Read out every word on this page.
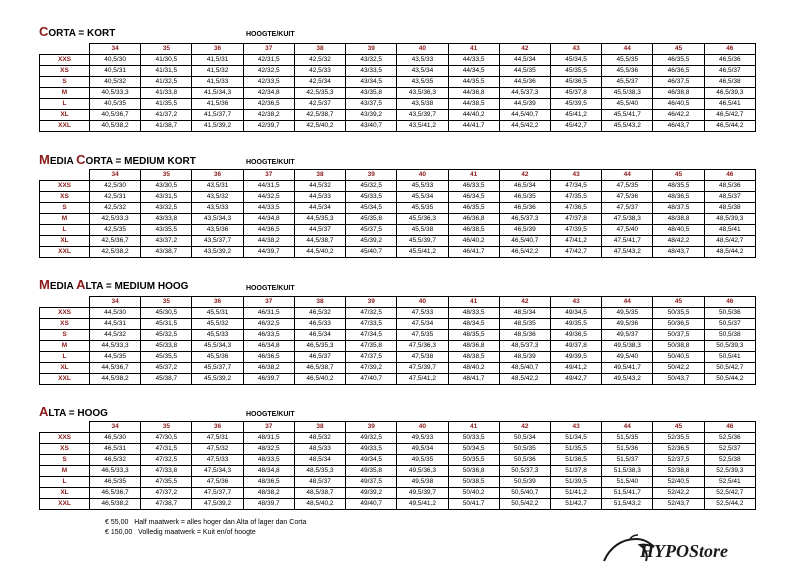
CORTA = KORT	HOOGTE/KUIT
	34	35	36	37	38	39	40	41	42	43	44	45	46
XXS	40,5/30	41/30,5	41,5/31	42/31,5	42,5/32	43/32,5	43,5/33	44/33,5	44,5/34	45/34,5	45,5/35	46/35,5	46,5/36
XS	40,5/31	41/31,5	41,5/32	42/32,5	42,5/33	43/33,5	43,5/34	44/34,5	44,5/35	45/35,5	45,5/36	46/36,5	46,5/37
S	40,5/32	41/32,5	41,5/33	42/33,5	42,5/34	43/34,5	43,5/35	44/35,5	44,5/36	45/36,5	45,5/37	46/37,5	46,5/38
M	40,5/33,3	41/33,8	41,5/34,3	42/34,8	42,5/35,3	43/35,8	43,5/36,3	44/36,8	44,5/37,3	45/37,8	45,5/38,3	46/38,8	46,5/39,3
L	40,5/35	41/35,5	41,5/36	42/36,5	42,5/37	43/37,5	43,5/38	44/38,5	44,5/39	45/39,5	45,5/40	46/40,5	46,5/41
XL	40,5/36,7	41/37,2	41,5/37,7	42/38,2	42,5/38,7	43/39,2	43,5/39,7	44/40,2	44,5/40,7	45/41,2	45,5/41,7	46/42,2	46,5/42,7
XXL	40,5/38,2	41/38,7	41,5/39,2	42/39,7	42,5/40,2	43/40,7	43,5/41,2	44/41,7	44,5/42,2	45/42,7	45,5/43,2	46/43,7	46,5/44,2
MEDIA CORTA = MEDIUM KORT	HOOGTE/KUIT
	34	35	36	37	38	39	40	41	42	43	44	45	46
XXS	42,5/30	43/30,5	43,5/31	44/31,5	44,5/32	45/32,5	45,5/33	46/33,5	46,5/34	47/34,5	47,5/35	48/35,5	48,5/36
XS	42,5/31	43/31,5	43,5/32	44/32,5	44,5/33	45/33,5	45,5/34	46/34,5	46,5/35	47/35,5	47,5/36	48/36,5	48,5/37
S	42,5/32	43/32,5	43,5/33	44/33,5	44,5/34	45/34,5	45,5/35	46/35,5	46,5/36	47/36,5	47,5/37	48/37,5	48,5/38
M	42,5/33,3	43/33,8	43,5/34,3	44/34,8	44,5/35,3	45/35,8	45,5/36,3	46/36,8	46,5/37,3	47/37,8	47,5/38,3	48/38,8	48,5/39,3
L	42,5/35	43/35,5	43,5/36	44/36,5	44,5/37	45/37,5	45,5/38	46/38,5	46,5/39	47/39,5	47,5/40	48/40,5	48,5/41
XL	42,5/36,7	43/37,2	43,5/37,7	44/38,2	44,5/38,7	45/39,2	45,5/39,7	46/40,2	46,5/40,7	47/41,2	47,5/41,7	48/42,2	48,5/42,7
XXL	42,5/38,2	43/38,7	43,5/39,2	44/39,7	44,5/40,2	45/40,7	45,5/41,2	46/41,7	46,5/42,2	47/42,7	47,5/43,2	48/43,7	48,5/44,2
MEDIA ALTA = MEDIUM HOOG	HOOGTE/KUIT
	34	35	36	37	38	39	40	41	42	43	44	45	46
XXS	44,5/30	45/30,5	45,5/31	46/31,5	46,5/32	47/32,5	47,5/33	48/33,5	48,5/34	49/34,5	49,5/35	50/35,5	50,5/36
XS	44,5/31	45/31,5	45,5/32	46/32,5	46,5/33	47/33,5	47,5/34	48/34,5	48,5/35	49/35,5	49,5/36	50/36,5	50,5/37
S	44,5/32	45/32,5	45,5/33	46/33,5	46,5/34	47/34,5	47,5/35	48/35,5	48,5/36	49/36,5	49,5/37	50/37,5	50,5/38
M	44,5/33,3	45/33,8	45,5/34,3	46/34,8	46,5/35,3	47/35,8	47,5/36,3	48/36,8	48,5/37,3	49/37,8	49,5/38,3	50/38,8	50,5/39,3
L	44,5/35	45/35,5	45,5/36	46/36,5	46,5/37	47/37,5	47,5/38	48/38,5	48,5/39	49/39,5	49,5/40	50/40,5	50,5/41
XL	44,5/36,7	45/37,2	45,5/37,7	46/38,2	46,5/38,7	47/39,2	47,5/39,7	48/40,2	48,5/40,7	49/41,2	49,5/41,7	50/42,2	50,5/42,7
XXL	44,5/38,2	45/38,7	45,5/39,2	46/39,7	46,5/40,2	47/40,7	47,5/41,2	48/41,7	48,5/42,2	49/42,7	49,5/43,2	50/43,7	50,5/44,2
ALTA = HOOG	HOOGTE/KUIT
	34	35	36	37	38	39	40	41	42	43	44	45	46
XXS	46,5/30	47/30,5	47,5/31	48/31,5	48,5/32	49/32,5	49,5/33	50/33,5	50,5/34	51/34,5	51,5/35	52/35,5	52,5/36
XS	46,5/31	47/31,5	47,5/32	48/32,5	48,5/33	49/33,5	49,5/34	50/34,5	50,5/35	51/35,5	51,5/36	52/36,5	52,5/37
S	46,5/32	47/32,5	47,5/33	48/33,5	48,5/34	49/34,5	49,5/35	50/35,5	50,5/36	51/36,5	51,5/37	52/37,5	52,5/38
M	46,5/33,3	47/33,8	47,5/34,3	48/34,8	48,5/35,3	49/35,8	49,5/36,3	50/36,8	50,5/37,3	51/37,8	51,5/38,3	52/38,8	52,5/39,3
L	46,5/35	47/35,5	47,5/36	48/36,5	48,5/37	49/37,5	49,5/38	50/38,5	50,5/39	51/39,5	51,5/40	52/40,5	52,5/41
XL	46,5/36,7	47/37,2	47,5/37,7	48/38,2	48,5/38,7	49/39,2	49,5/39,7	50/40,2	50,5/40,7	51/41,2	51,5/41,7	52/42,2	52,5/42,7
XXL	46,5/38,2	47/38,7	47,5/39,2	48/39,7	48,5/40,2	49/40,7	49,5/41,2	50/41,7	50,5/42,2	51/42,7	51,5/43,2	52/43,7	52,5/44,2
€ 55,00 Half maatwerk = alles hoger dan Alta of lager dan Corta
€ 150,00 Volledig maatwerk = Kuit en/of hoogte
HYPOStore
